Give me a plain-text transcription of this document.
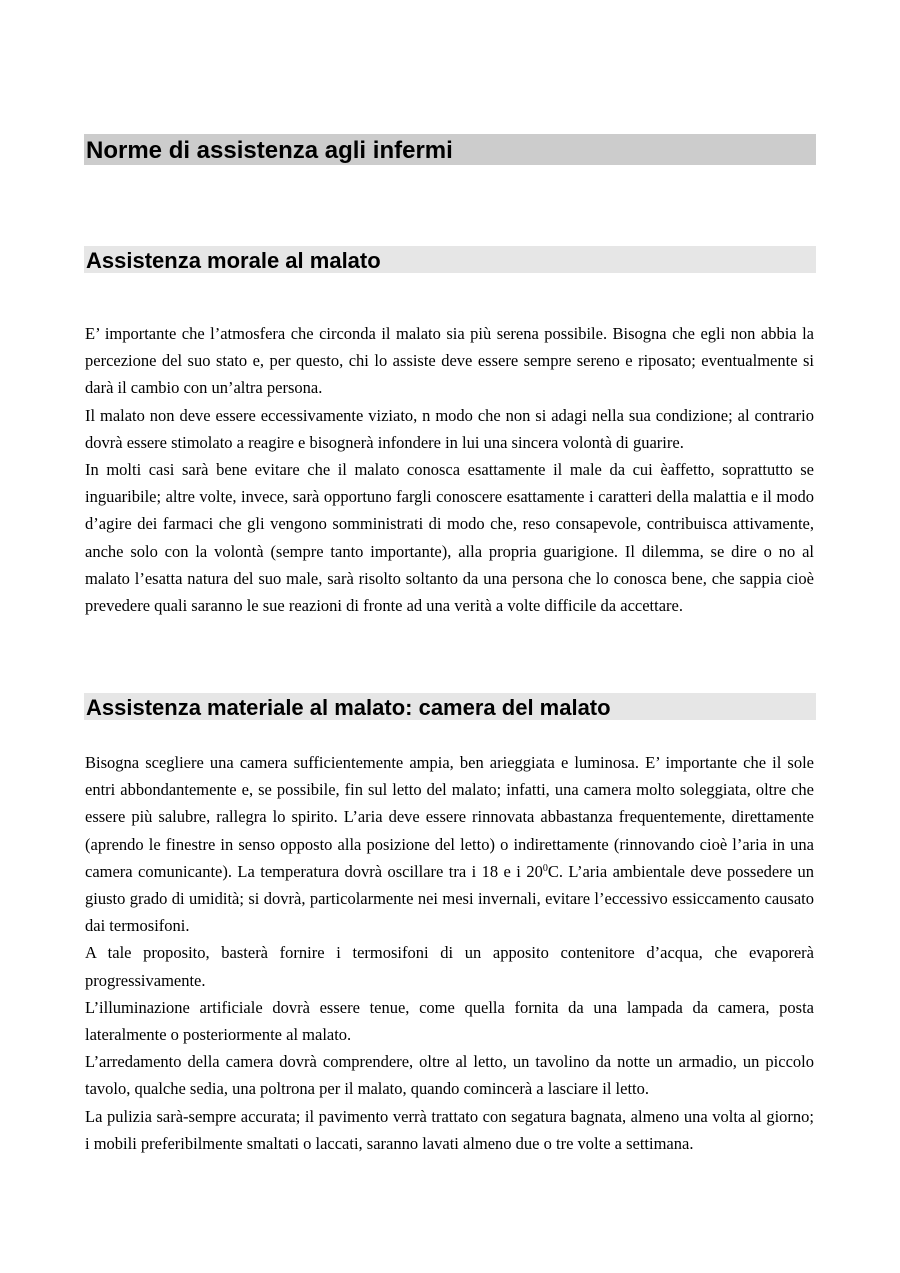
Norme di assistenza agli infermi
Assistenza morale al malato

E’ importante che l’atmosfera che circonda il malato sia più serena possibile. Bisogna che egli non abbia la percezione del suo stato e, per questo, chi lo assiste deve essere sempre sereno e riposato; eventualmente si darà il cambio con un’altra persona.

Il malato non deve essere eccessivamente viziato, n modo che non si adagi nella sua condizione; al contrario dovrà essere stimolato a reagire e bisognerà infondere in lui una sincera volontà di guarire.

In molti casi sarà bene evitare che il malato conosca esattamente il male da cui èaffetto, soprattutto se inguaribile; altre volte, invece, sarà opportuno fargli conoscere esattamente i caratteri della malattia e il modo d’agire dei farmaci che gli vengono somministrati di modo che, reso consapevole, contribuisca attivamente, anche solo con la volontà (sempre tanto importante), alla propria guarigione. Il dilemma, se dire o no al malato l’esatta natura del suo male, sarà risolto soltanto da una persona che lo conosca bene, che sappia cioè prevedere quali saranno le sue reazioni di fronte ad una verità a volte difficile da accettare.

Assistenza materiale al malato: camera del malato

Bisogna scegliere una camera sufficientemente ampia, ben arieggiata e luminosa. E’ importante che il sole entri abbondantemente e, se possibile, fin sul letto del malato; infatti, una camera molto soleggiata, oltre che essere più salubre, rallegra lo spirito. L’aria deve essere rinnovata abbastanza frequentemente, direttamente (aprendo le finestre in senso opposto alla posizione del letto) o indirettamente (rinnovando cioè l’aria in una camera comunicante). La temperatura dovrà oscillare tra i 18 e i $20^0C$. L’aria ambientale deve possedere un giusto grado di umidità; si dovrà, particolarmente nei mesi invernali, evitare l’eccessivo essiccamento causato dai termosifoni.

A tale proposito, basterà fornire i termosifoni di un apposito contenitore d’acqua, che evaporerà progressivamente.

L’illuminazione artificiale dovrà essere tenue, come quella fornita da una lampada da camera, posta lateralmente o posteriormente al malato.

L’arredamento della camera dovrà comprendere, oltre al letto, un tavolino da notte un armadio, un piccolo tavolo, qualche sedia, una poltrona per il malato, quando comincerà a lasciare il letto.

La pulizia sarà-sempre accurata; il pavimento verrà trattato con segatura bagnata, almeno una volta al giorno; i mobili preferibilmente smaltati o laccati, saranno lavati almeno due o tre volte a settimana.
